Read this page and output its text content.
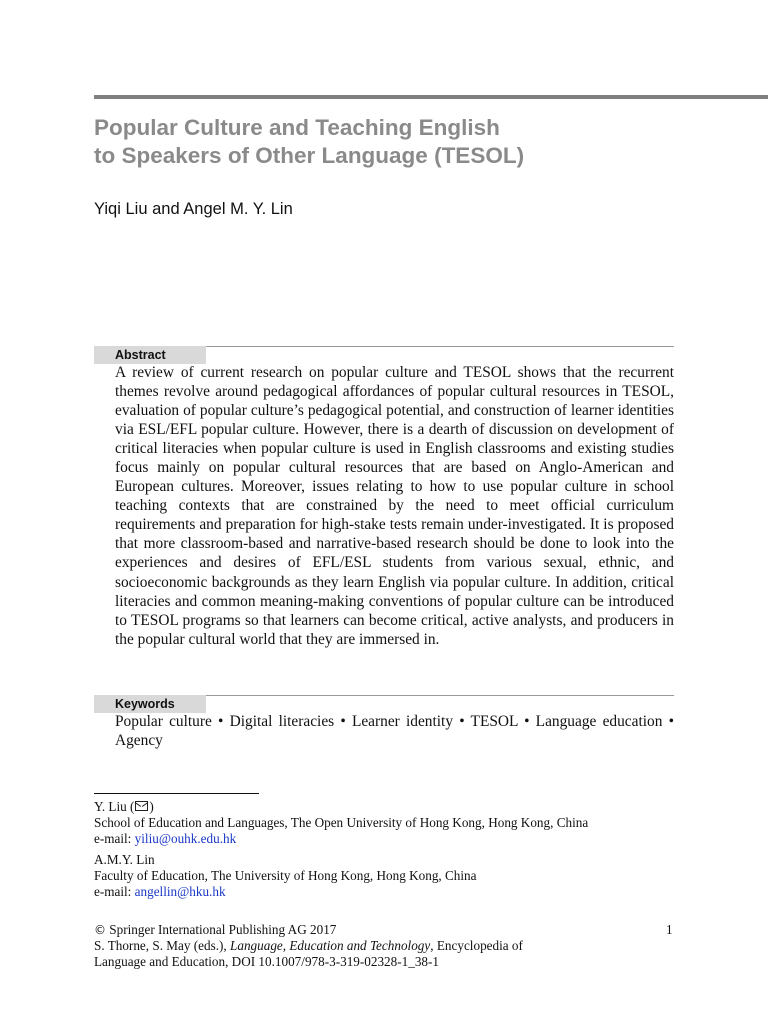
Popular Culture and Teaching English
to Speakers of Other Language (TESOL)
Yiqi Liu and Angel M. Y. Lin
Abstract
A review of current research on popular culture and TESOL shows that the recurrent themes revolve around pedagogical affordances of popular cultural resources in TESOL, evaluation of popular culture’s pedagogical potential, and construction of learner identities via ESL/EFL popular culture. However, there is a dearth of discussion on development of critical literacies when popular culture is used in English classrooms and existing studies focus mainly on popular cultural resources that are based on Anglo-American and European cultures. Moreover, issues relating to how to use popular culture in school teaching contexts that are constrained by the need to meet official curriculum requirements and preparation for high-stake tests remain under-investigated. It is proposed that more classroom-based and narrative-based research should be done to look into the experiences and desires of EFL/ESL students from various sexual, ethnic, and socioeconomic backgrounds as they learn English via popular culture. In addition, critical literacies and common meaning-making conventions of popular culture can be introduced to TESOL programs so that learners can become critical, active analysts, and producers in the popular cultural world that they are immersed in.
Keywords
Popular culture • Digital literacies • Learner identity • TESOL • Language education • Agency
Y. Liu ( )
School of Education and Languages, The Open University of Hong Kong, Hong Kong, China
e-mail: yiliu@ouhk.edu.hk
A.M.Y. Lin
Faculty of Education, The University of Hong Kong, Hong Kong, China
e-mail: angellin@hku.hk
© Springer International Publishing AG 2017
S. Thorne, S. May (eds.), Language, Education and Technology, Encyclopedia of
Language and Education, DOI 10.1007/978-3-319-02328-1_38-1
1
